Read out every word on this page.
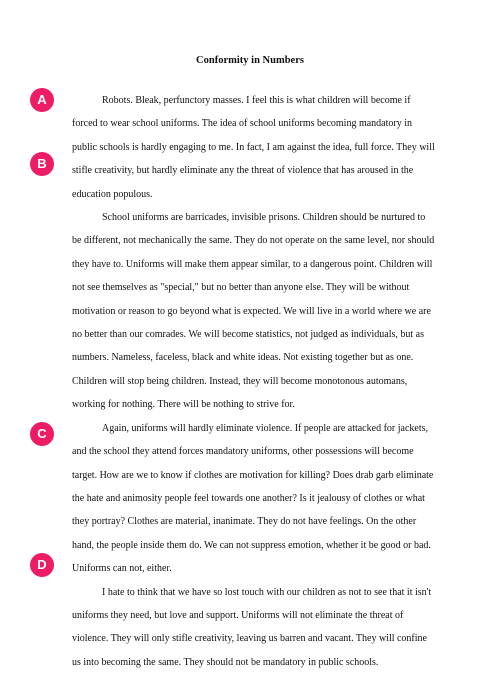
Conformity in Numbers
A
B
C
D

Robots. Bleak, perfunctory masses. I feel this is what children will become if forced to wear school uniforms. The idea of school uniforms becoming mandatory in public schools is hardly engaging to me. In fact, I am against the idea, full force. They will stifle creativity, but hardly eliminate any the threat of violence that has aroused in the education populous.

School uniforms are barricades, invisible prisons. Children should be nurtured to be different, not mechanically the same. They do not operate on the same level, nor should they have to. Uniforms will make them appear similar, to a dangerous point. Children will not see themselves as "special," but no better than anyone else. They will be without motivation or reason to go beyond what is expected. We will live in a world where we are no better than our comrades. We will become statistics, not judged as individuals, but as numbers. Nameless, faceless, black and white ideas. Not existing together but as one. Children will stop being children. Instead, they will become monotonous automans, working for nothing. There will be nothing to strive for.

Again, uniforms will hardly eliminate violence. If people are attacked for jackets, and the school they attend forces mandatory uniforms, other possessions will become target. How are we to know if clothes are motivation for killing? Does drab garb eliminate the hate and animosity people feel towards one another? Is it jealousy of clothes or what they portray? Clothes are material, inanimate. They do not have feelings. On the other hand, the people inside them do. We can not suppress emotion, whether it be good or bad. Uniforms can not, either.

I hate to think that we have so lost touch with our children as not to see that it isn't uniforms they need, but love and support. Uniforms will not eliminate the threat of violence. They will only stifle creativity, leaving us barren and vacant. They will confine us into becoming the same. They should not be mandatory in public schools.
